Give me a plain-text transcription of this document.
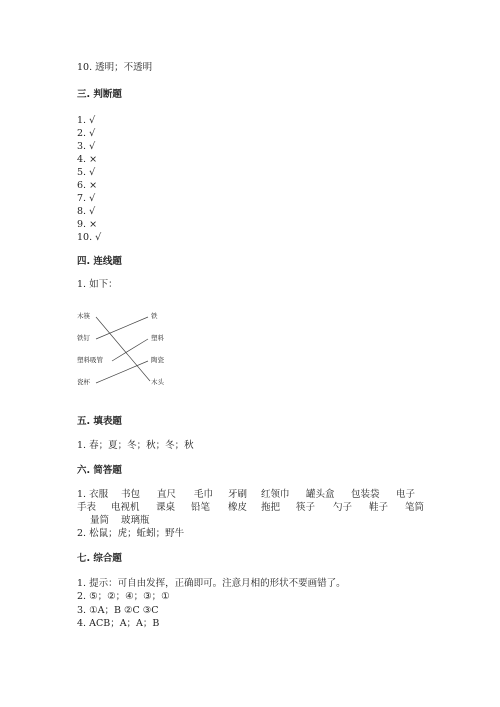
10. 透明；不透明
三. 判断题
1. √
2. √
3. √
4. ×
5. √
6. ×
7. √
8. √
9. ×
10. √
四. 连线题
1. 如下：
木筷
铁钉
塑料吸管
瓷杯
铁
塑料
陶瓷
木头
五. 填表题
1. 春；夏；冬；秋；冬；秋
六. 简答题
1. 衣服 书包 直尺 毛巾 牙刷 红领巾 罐头盒 包装袋 电子
手表 电视机 课桌 铅笔 橡皮 拖把 筷子 勺子 鞋子 笔筒
量筒 玻璃瓶
2. 松鼠；虎；蚯蚓；野牛
七. 综合题
1. 提示：可自由发挥，正确即可。注意月相的形状不要画错了。
2. ⑤；②；④；③；①
3. ①A；B ②C ③C
4. ACB；A；A；B
